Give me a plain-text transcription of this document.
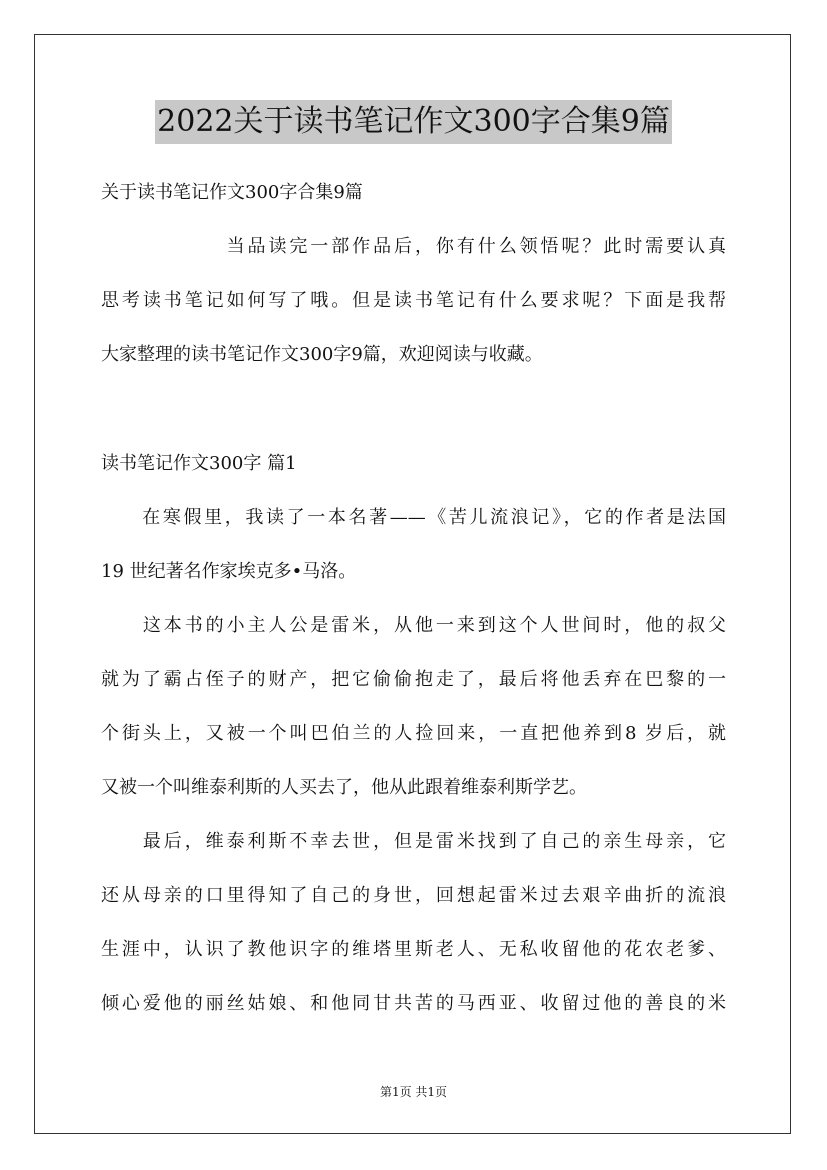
2022关于读书笔记作文300字合集9篇
关于读书笔记作文300字合集9篇
　　　　　　当品读完一部作品后，你有什么领悟呢？此时需要认真
思考读书笔记如何写了哦。但是读书笔记有什么要求呢？下面是我帮
大家整理的读书笔记作文300字9篇，欢迎阅读与收藏。
读书笔记作文300字 篇1
　　在寒假里，我读了一本名著——《苦儿流浪记》，它的作者是法国
19 世纪著名作家埃克多•马洛。
　　这本书的小主人公是雷米，从他一来到这个人世间时，他的叔父
就为了霸占侄子的财产，把它偷偷抱走了，最后将他丢弃在巴黎的一
个街头上，又被一个叫巴伯兰的人捡回来，一直把他养到8 岁后，就
又被一个叫维泰利斯的人买去了，他从此跟着维泰利斯学艺。
　　最后，维泰利斯不幸去世，但是雷米找到了自己的亲生母亲，它
还从母亲的口里得知了自己的身世，回想起雷米过去艰辛曲折的流浪
生涯中，认识了教他识字的维塔里斯老人、无私收留他的花农老爹、
倾心爱他的丽丝姑娘、和他同甘共苦的马西亚、收留过他的善良的米
第1页 共1页
